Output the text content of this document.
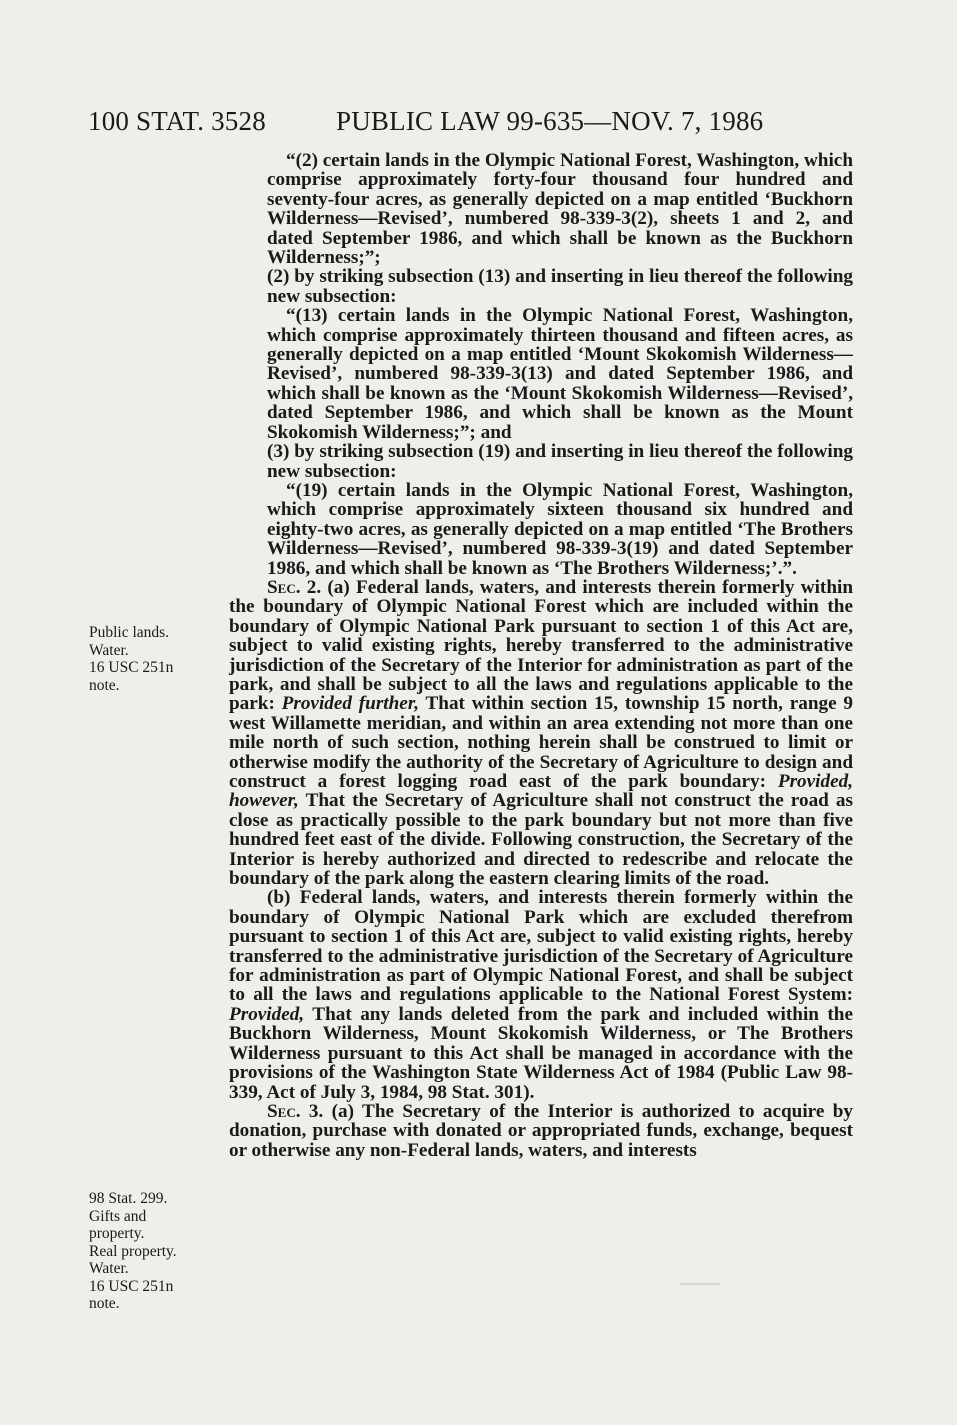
100 STAT. 3528	PUBLIC LAW 99-635—NOV. 7, 1986
Public lands.
Water.
16 USC 251n
note.
98 Stat. 299.
Gifts and
property.
Real property.
Water.
16 USC 251n
note.

“(2) certain lands in the Olympic National Forest, Washington, which comprise approximately forty-four thousand four hundred and seventy-four acres, as generally depicted on a map entitled ‘Buckhorn Wilderness—Revised’, numbered 98-339-3(2), sheets 1 and 2, and dated September 1986, and which shall be known as the Buckhorn Wilderness;”;

(2) by striking subsection (13) and inserting in lieu thereof the following new subsection:

“(13) certain lands in the Olympic National Forest, Washington, which comprise approximately thirteen thousand and fifteen acres, as generally depicted on a map entitled ‘Mount Skokomish Wilderness—Revised’, numbered 98-339-3(13) and dated September 1986, and which shall be known as the ‘Mount Skokomish Wilderness—Revised’, dated September 1986, and which shall be known as the Mount Skokomish Wilderness;”; and

(3) by striking subsection (19) and inserting in lieu thereof the following new subsection:

“(19) certain lands in the Olympic National Forest, Washington, which comprise approximately sixteen thousand six hundred and eighty-two acres, as generally depicted on a map entitled ‘The Brothers Wilderness—Revised’, numbered 98-339-3(19) and dated September 1986, and which shall be known as ‘The Brothers Wilderness;’.”.

Sec. 2. (a) Federal lands, waters, and interests therein formerly within the boundary of Olympic National Forest which are included within the boundary of Olympic National Park pursuant to section 1 of this Act are, subject to valid existing rights, hereby transferred to the administrative jurisdiction of the Secretary of the Interior for administration as part of the park, and shall be subject to all the laws and regulations applicable to the park: Provided further, That within section 15, township 15 north, range 9 west Willamette meridian, and within an area extending not more than one mile north of such section, nothing herein shall be construed to limit or otherwise modify the authority of the Secretary of Agriculture to design and construct a forest logging road east of the park boundary: Provided, however, That the Secretary of Agriculture shall not construct the road as close as practically possible to the park boundary but not more than five hundred feet east of the divide. Following construction, the Secretary of the Interior is hereby authorized and directed to redescribe and relocate the boundary of the park along the eastern clearing limits of the road.

(b) Federal lands, waters, and interests therein formerly within the boundary of Olympic National Park which are excluded therefrom pursuant to section 1 of this Act are, subject to valid existing rights, hereby transferred to the administrative jurisdiction of the Secretary of Agriculture for administration as part of Olympic National Forest, and shall be subject to all the laws and regulations applicable to the National Forest System: Provided, That any lands deleted from the park and included within the Buckhorn Wilderness, Mount Skokomish Wilderness, or The Brothers Wilderness pursuant to this Act shall be managed in accordance with the provisions of the Washington State Wilderness Act of 1984 (Public Law 98-339, Act of July 3, 1984, 98 Stat. 301).

Sec. 3. (a) The Secretary of the Interior is authorized to acquire by donation, purchase with donated or appropriated funds, exchange, bequest or otherwise any non-Federal lands, waters, and interests
